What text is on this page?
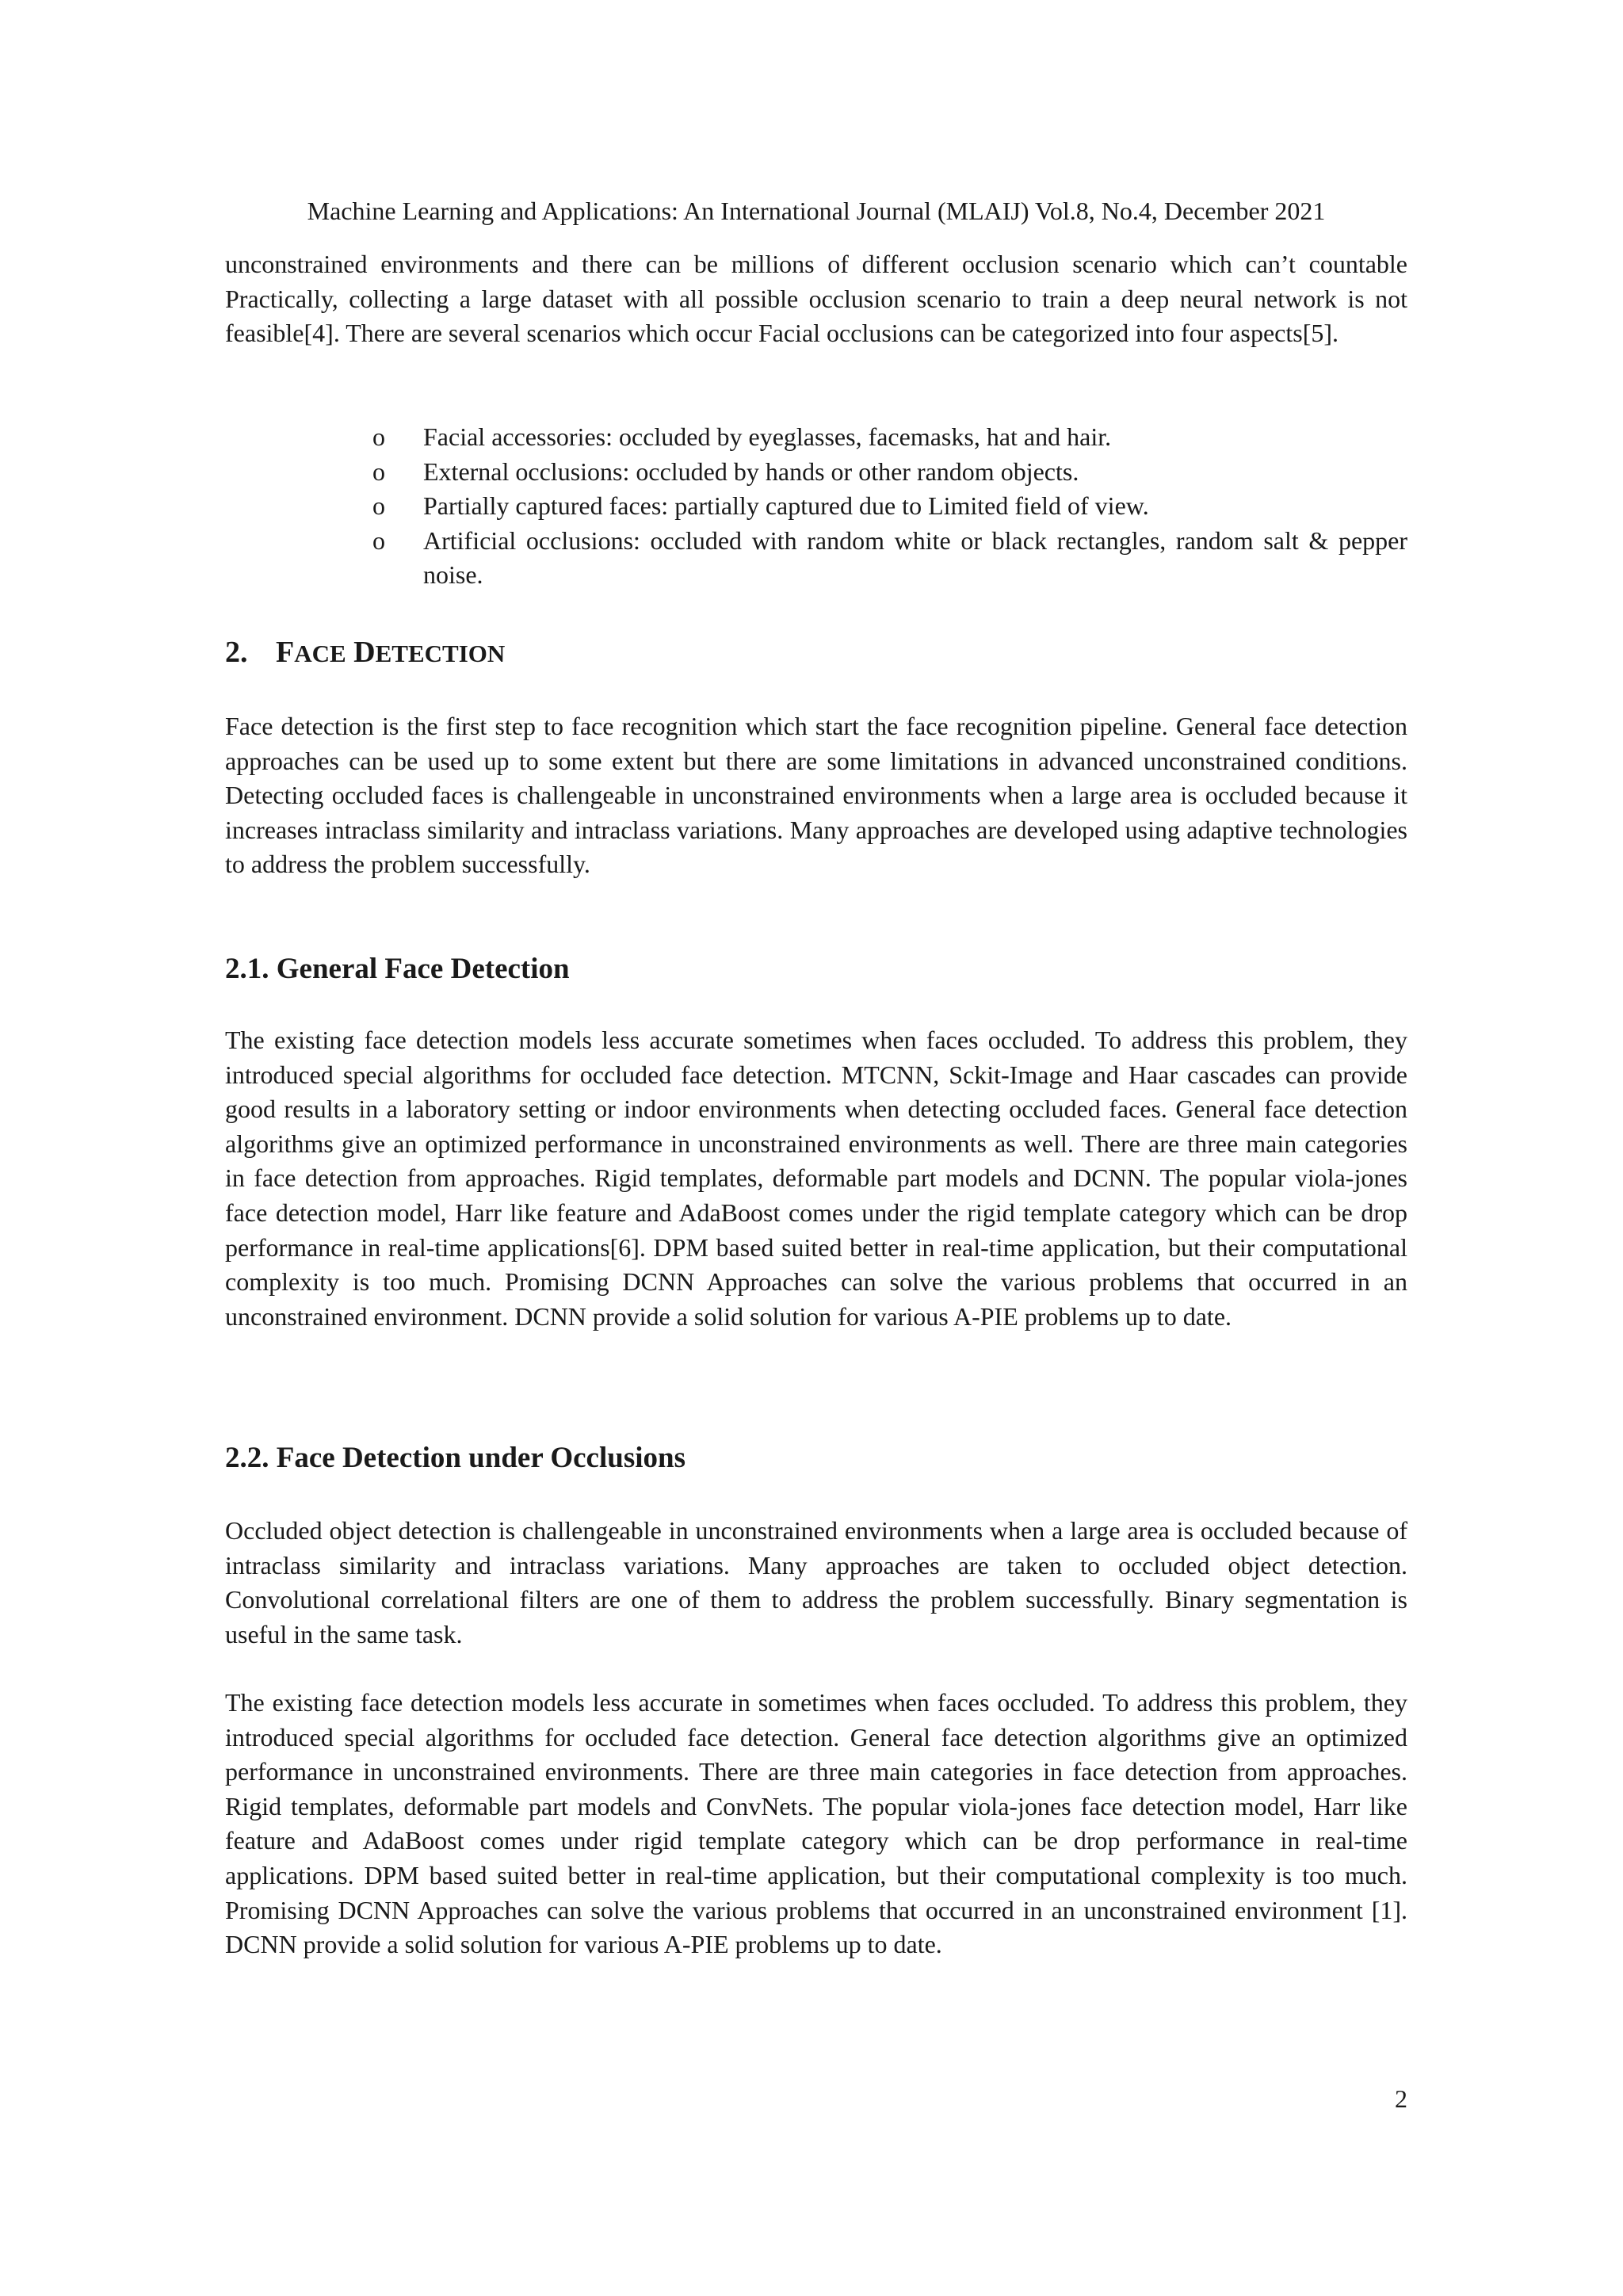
Machine Learning and Applications: An International Journal (MLAIJ) Vol.8, No.4, December 2021

unconstrained environments and there can be millions of different occlusion scenario which can’t countable Practically, collecting a large dataset with all possible occlusion scenario to train a deep neural network is not feasible[4]. There are several scenarios which occur Facial occlusions can be categorized into four aspects[5].

o	Facial accessories: occluded by eyeglasses, facemasks, hat and hair.
o	External occlusions: occluded by hands or other random objects.
o	Partially captured faces: partially captured due to Limited field of view.
o	Artificial occlusions: occluded with random white or black rectangles, random salt & pepper noise.
2. FACE DETECTION

Face detection is the first step to face recognition which start the face recognition pipeline. General face detection approaches can be used up to some extent but there are some limitations in advanced unconstrained conditions. Detecting occluded faces is challengeable in unconstrained environments when a large area is occluded because it increases intraclass similarity and intraclass variations. Many approaches are developed using adaptive technologies to address the problem successfully.

2.1. General Face Detection

The existing face detection models less accurate sometimes when faces occluded. To address this problem, they introduced special algorithms for occluded face detection. MTCNN, Sckit-Image and Haar cascades can provide good results in a laboratory setting or indoor environments when detecting occluded faces. General face detection algorithms give an optimized performance in unconstrained environments as well. There are three main categories in face detection from approaches. Rigid templates, deformable part models and DCNN. The popular viola-jones face detection model, Harr like feature and AdaBoost comes under the rigid template category which can be drop performance in real-time applications[6]. DPM based suited better in real-time application, but their computational complexity is too much. Promising DCNN Approaches can solve the various problems that occurred in an unconstrained environment. DCNN provide a solid solution for various A-PIE problems up to date.

2.2. Face Detection under Occlusions

Occluded object detection is challengeable in unconstrained environments when a large area is occluded because of intraclass similarity and intraclass variations. Many approaches are taken to occluded object detection. Convolutional correlational filters are one of them to address the problem successfully. Binary segmentation is useful in the same task.

The existing face detection models less accurate in sometimes when faces occluded. To address this problem, they introduced special algorithms for occluded face detection. General face detection algorithms give an optimized performance in unconstrained environments. There are three main categories in face detection from approaches. Rigid templates, deformable part models and ConvNets. The popular viola-jones face detection model, Harr like feature and AdaBoost comes under rigid template category which can be drop performance in real-time applications. DPM based suited better in real-time application, but their computational complexity is too much. Promising DCNN Approaches can solve the various problems that occurred in an unconstrained environment [1]. DCNN provide a solid solution for various A-PIE problems up to date.

2
